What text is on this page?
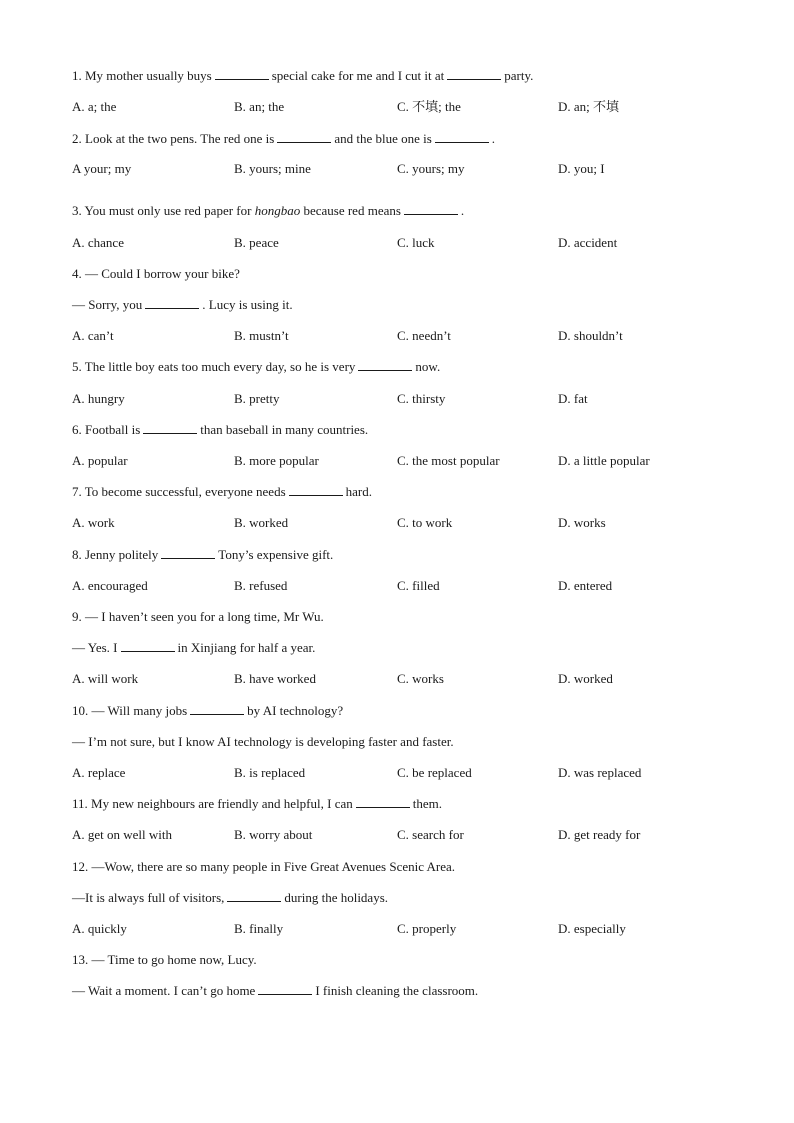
1. My mother usually buys	special cake for me and I cut it at	party.
A. a; the	B. an; the	C. 不填; the	D. an; 不填
2. Look at the two pens. The red one is	and the blue one is	.
A your; my	B. yours; mine	C. yours; my	D. you; I
3. You must only use red paper for hongbao because red means	.
A. chance	B. peace	C. luck	D. accident
4. — Could I borrow your bike?
— Sorry, you	. Lucy is using it.
A. can’t	B. mustn’t	C. needn’t	D. shouldn’t
5. The little boy eats too much every day, so he is very	now.
A. hungry	B. pretty	C. thirsty	D. fat
6. Football is	than baseball in many countries.
A. popular	B. more popular	C. the most popular	D. a little popular
7. To become successful, everyone needs	hard.
A. work	B. worked	C. to work	D. works
8. Jenny politely	Tony’s expensive gift.
A. encouraged	B. refused	C. filled	D. entered
9. — I haven’t seen you for a long time, Mr Wu.
— Yes. I	in Xinjiang for half a year.
A. will work	B. have worked	C. works	D. worked
10. — Will many jobs	by AI technology?
— I’m not sure, but I know AI technology is developing faster and faster.
A. replace	B. is replaced	C. be replaced	D. was replaced
11. My new neighbours are friendly and helpful, I can	them.
A. get on well with	B. worry about	C. search for	D. get ready for
12. —Wow, there are so many people in Five Great Avenues Scenic Area.
—It is always full of visitors,	during the holidays.
A. quickly	B. finally	C. properly	D. especially
13. — Time to go home now, Lucy.
— Wait a moment. I can’t go home	I finish cleaning the classroom.
